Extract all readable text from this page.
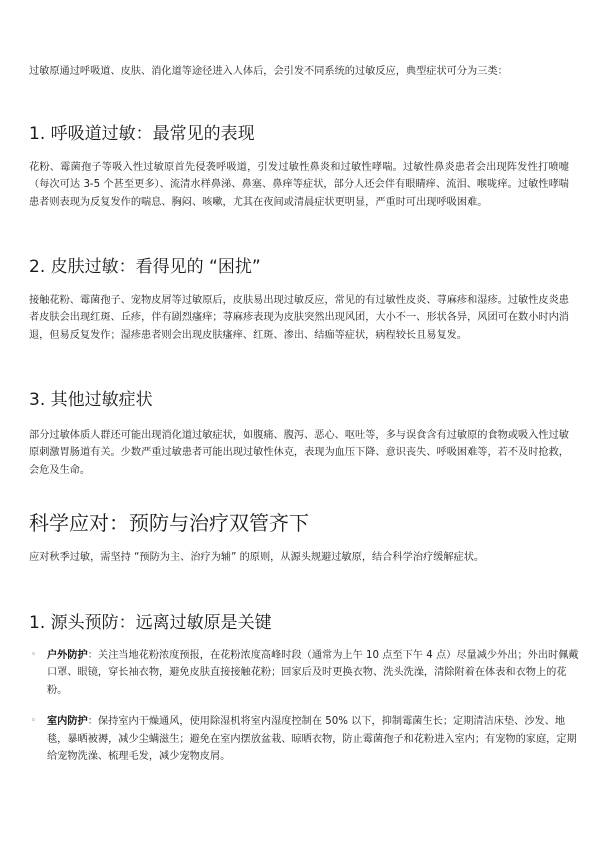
过敏原通过呼吸道、皮肤、消化道等途径进入人体后，会引发不同系统的过敏反应，典型症状可分为三类：

1. 呼吸道过敏：最常见的表现

花粉、霉菌孢子等吸入性过敏原首先侵袭呼吸道，引发过敏性鼻炎和过敏性哮喘。过敏性鼻炎患者会出现阵发性打喷嚏（每次可达 3-5 个甚至更多）、流清水样鼻涕、鼻塞、鼻痒等症状，部分人还会伴有眼睛痒、流泪、喉咙痒。过敏性哮喘患者则表现为反复发作的喘息、胸闷、咳嗽，尤其在夜间或清晨症状更明显，严重时可出现呼吸困难。

2. 皮肤过敏：看得见的 “困扰”

接触花粉、霉菌孢子、宠物皮屑等过敏原后，皮肤易出现过敏反应，常见的有过敏性皮炎、荨麻疹和湿疹。过敏性皮炎患者皮肤会出现红斑、丘疹，伴有剧烈瘙痒；荨麻疹表现为皮肤突然出现风团，大小不一、形状各异，风团可在数小时内消退，但易反复发作；湿疹患者则会出现皮肤瘙痒、红斑、渗出、结痂等症状，病程较长且易复发。

3. 其他过敏症状

部分过敏体质人群还可能出现消化道过敏症状，如腹痛、腹泻、恶心、呕吐等，多与误食含有过敏原的食物或吸入性过敏原刺激胃肠道有关。少数严重过敏患者可能出现过敏性休克，表现为血压下降、意识丧失、呼吸困难等，若不及时抢救，会危及生命。

科学应对：预防与治疗双管齐下

应对秋季过敏，需坚持 “预防为主、治疗为辅” 的原则，从源头规避过敏原，结合科学治疗缓解症状。

1. 源头预防：远离过敏原是关键
◦ 户外防护：关注当地花粉浓度预报，在花粉浓度高峰时段（通常为上午 10 点至下午 4 点）尽量减少外出；外出时佩戴口罩、眼镜，穿长袖衣物，避免皮肤直接接触花粉；回家后及时更换衣物、洗头洗澡，清除附着在体表和衣物上的花粉。
◦ 室内防护：保持室内干燥通风，使用除湿机将室内湿度控制在 50% 以下，抑制霉菌生长；定期清洁床垫、沙发、地毯，暴晒被褥，减少尘螨滋生；避免在室内摆放盆栽、晾晒衣物，防止霉菌孢子和花粉进入室内；有宠物的家庭，定期给宠物洗澡、梳理毛发，减少宠物皮屑。
